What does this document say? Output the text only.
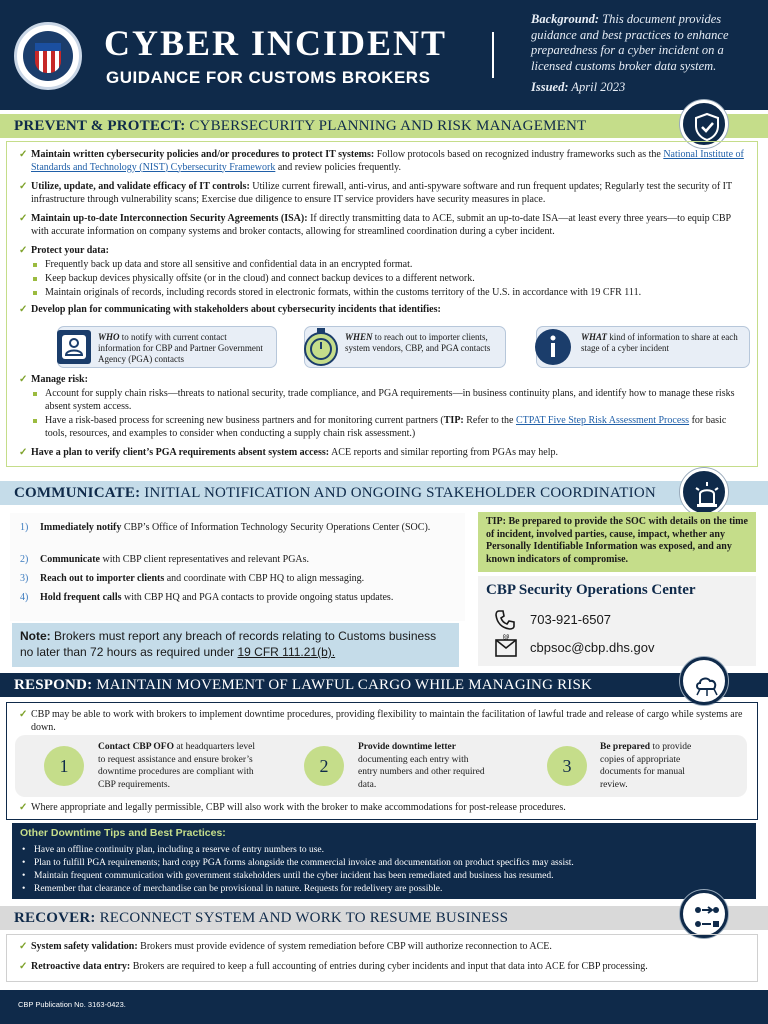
CYBER INCIDENT
GUIDANCE FOR CUSTOMS BROKERS
Background: This document provides guidance and best practices to enhance preparedness for a cyber incident on a licensed customs broker data system.
Issued: April 2023
PREVENT & PROTECT: CYBERSECURITY PLANNING AND RISK MANAGEMENT
✓ Maintain written cybersecurity policies and/or procedures to protect IT systems: Follow protocols based on recognized industry frameworks such as the National Institute of Standards and Technology (NIST) Cybersecurity Framework and review policies frequently.
✓ Utilize, update, and validate efficacy of IT controls: Utilize current firewall, anti-virus, and anti-spyware software and run frequent updates; Regularly test the security of IT infrastructure through vulnerability scans; Exercise due diligence to ensure IT service providers have security measures in place.
✓ Maintain up-to-date Interconnection Security Agreements (ISA): If directly transmitting data to ACE, submit an up-to-date ISA—at least every three years—to equip CBP with accurate information on company systems and broker contacts, allowing for streamlined coordination during a cyber incident.
✓ Protect your data:
Frequently back up data and store all sensitive and confidential data in an encrypted format.
Keep backup devices physically offsite (or in the cloud) and connect backup devices to a different network.
Maintain originals of records, including records stored in electronic formats, within the customs territory of the U.S. in accordance with 19 CFR 111.
✓ Develop plan for communicating with stakeholders about cybersecurity incidents that identifies:
✓ Manage risk:
Account for supply chain risks—threats to national security, trade compliance, and PGA requirements—in business continuity plans, and identify how to manage these risks absent system access.
Have a risk-based process for screening new business partners and for monitoring current partners (TIP: Refer to the CTPAT Five Step Risk Assessment Process for basic tools, resources, and examples to consider when conducting a supply chain risk assessment.)
✓ Have a plan to verify client’s PGA requirements absent system access: ACE reports and similar reporting from PGAs may help.
WHO to notify with current contact information for CBP and Partner Government Agency (PGA) contacts
WHEN to reach out to importer clients, system vendors, CBP, and PGA contacts
WHAT kind of information to share at each stage of a cyber incident
COMMUNICATE: INITIAL NOTIFICATION AND ONGOING STAKEHOLDER COORDINATION
1)	Immediately notify CBP’s Office of Information Technology Security Operations Center (SOC).
2)	Communicate with CBP client representatives and relevant PGAs.
3)	Reach out to importer clients and coordinate with CBP HQ to align messaging.
4)	Hold frequent calls with CBP HQ and PGA contacts to provide ongoing status updates.
Note: Brokers must report any breach of records relating to Customs business no later than 72 hours as required under 19 CFR 111.21(b).
TIP: Be prepared to provide the SOC with details on the time of incident, involved parties, cause, impact, whether any Personally Identifiable Information was exposed, and any known indicators of compromise.
CBP Security Operations Center
703-921-6507
@
cbpsoc@cbp.dhs.gov
RESPOND: MAINTAIN MOVEMENT OF LAWFUL CARGO WHILE MANAGING RISK
✓ CBP may be able to work with brokers to implement downtime procedures, providing flexibility to maintain the facilitation of lawful trade and release of cargo while systems are down.
✓ Where appropriate and legally permissible, CBP will also work with the broker to make accommodations for post-release procedures.
1
Contact CBP OFO at headquarters level to request assistance and ensure broker’s downtime procedures are compliant with CBP requirements.
2
Provide downtime letter documenting each entry with entry numbers and other required data.
3
Be prepared to provide copies of appropriate documents for manual review.
Other Downtime Tips and Best Practices:
• Have an offline continuity plan, including a reserve of entry numbers to use.
• Plan to fulfill PGA requirements; hard copy PGA forms alongside the commercial invoice and documentation on product specifics may assist.
• Maintain frequent communication with government stakeholders until the cyber incident has been remediated and business has resumed.
• Remember that clearance of merchandise can be provisional in nature. Requests for redelivery are possible.
RECOVER: RECONNECT SYSTEM AND WORK TO RESUME BUSINESS
✓ System safety validation: Brokers must provide evidence of system remediation before CBP will authorize reconnection to ACE.
✓ Retroactive data entry: Brokers are required to keep a full accounting of entries during cyber incidents and input that data into ACE for CBP processing.
CBP Publication No. 3163-0423.
